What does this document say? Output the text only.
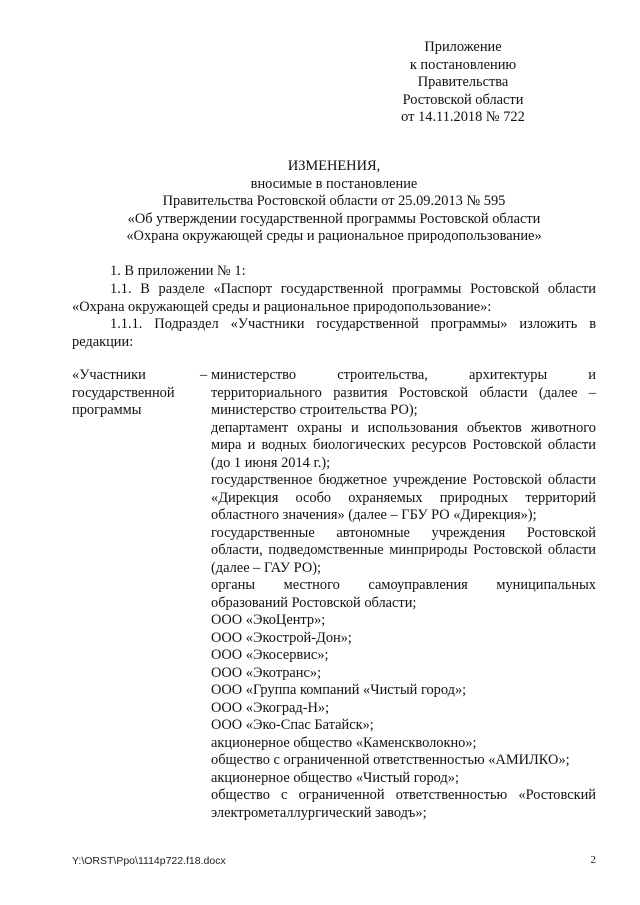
Приложение
к постановлению
Правительства
Ростовской области
от 14.11.2018 № 722
ИЗМЕНЕНИЯ,
вносимые в постановление
Правительства Ростовской области от 25.09.2013 № 595
«Об утверждении государственной программы Ростовской области
«Охрана окружающей среды и рациональное природопользование»
1. В приложении № 1:
1.1. В разделе «Паспорт государственной программы Ростовской области «Охрана окружающей среды и рациональное природопользование»:
1.1.1. Подраздел «Участники государственной программы» изложить в редакции:
«Участники государственной программы
– министерство строительства, архитектуры и территориального развития Ростовской области (далее – министерство строительства РО);
департамент охраны и использования объектов животного мира и водных биологических ресурсов Ростовской области (до 1 июня 2014 г.);
государственное бюджетное учреждение Ростовской области «Дирекция особо охраняемых природных территорий областного значения» (далее – ГБУ РО «Дирекция»);
государственные автономные учреждения Ростовской области, подведомственные минприроды Ростовской области (далее – ГАУ РО);
органы местного самоуправления муниципальных образований Ростовской области;
ООО «ЭкоЦентр»;
ООО «Экострой-Дон»;
ООО «Экосервис»;
ООО «Экотранс»;
ООО «Группа компаний «Чистый город»;
ООО «Экоград-Н»;
ООО «Эко-Спас Батайск»;
акционерное общество «Каменскволокно»;
общество с ограниченной ответственностью «АМИЛКО»;
акционерное общество «Чистый город»;
общество с ограниченной ответственностью «Ростовский электрометаллургический заводъ»;
Y:\ORST\Ppo\1114p722.f18.docx	2
